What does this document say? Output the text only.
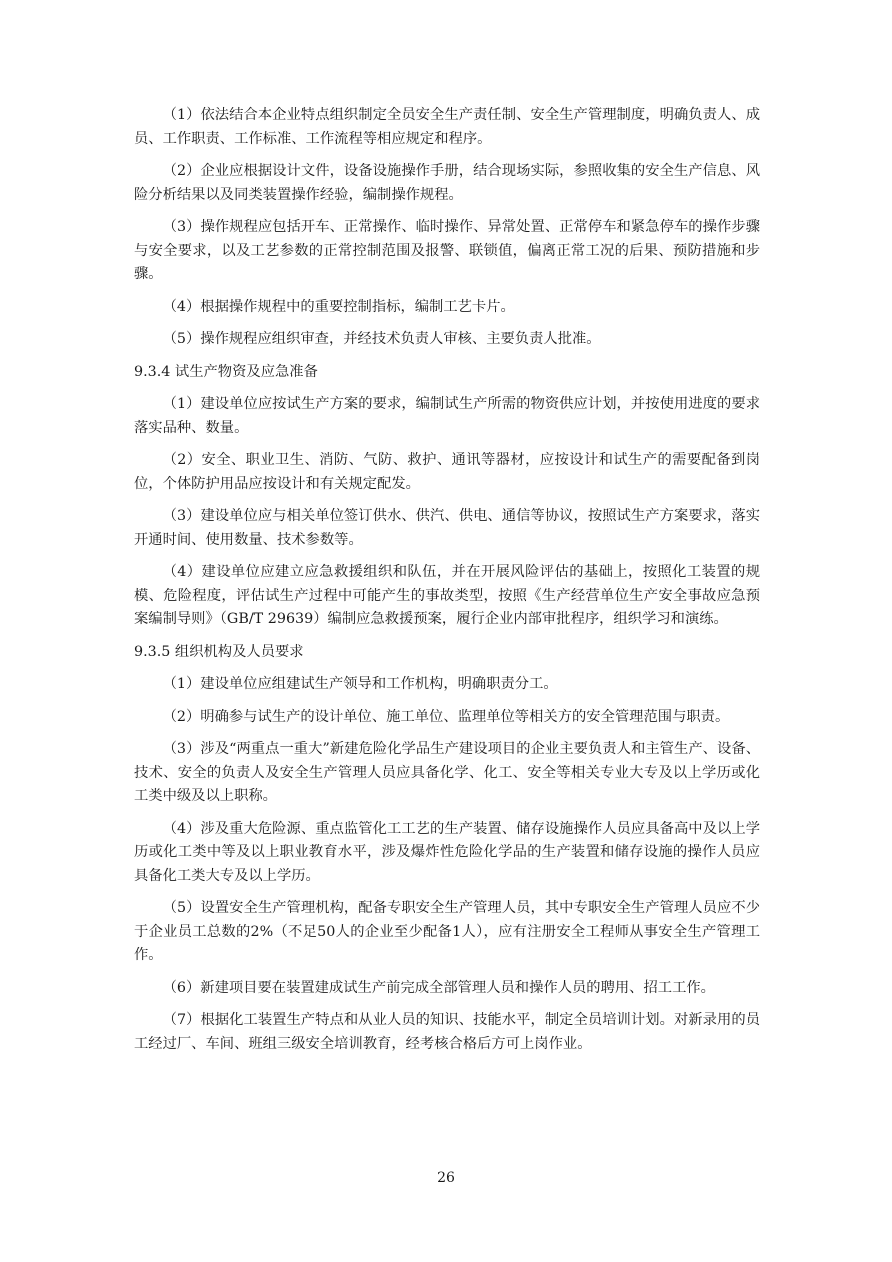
（1）依法结合本企业特点组织制定全员安全生产责任制、安全生产管理制度，明确负责人、成员、工作职责、工作标准、工作流程等相应规定和程序。

（2）企业应根据设计文件，设备设施操作手册，结合现场实际，参照收集的安全生产信息、风险分析结果以及同类装置操作经验，编制操作规程。

（3）操作规程应包括开车、正常操作、临时操作、异常处置、正常停车和紧急停车的操作步骤与安全要求，以及工艺参数的正常控制范围及报警、联锁值，偏离正常工况的后果、预防措施和步骤。

（4）根据操作规程中的重要控制指标，编制工艺卡片。

（5）操作规程应组织审查，并经技术负责人审核、主要负责人批准。

9.3.4 试生产物资及应急准备

（1）建设单位应按试生产方案的要求，编制试生产所需的物资供应计划，并按使用进度的要求落实品种、数量。

（2）安全、职业卫生、消防、气防、救护、通讯等器材，应按设计和试生产的需要配备到岗位，个体防护用品应按设计和有关规定配发。

（3）建设单位应与相关单位签订供水、供汽、供电、通信等协议，按照试生产方案要求，落实开通时间、使用数量、技术参数等。

（4）建设单位应建立应急救援组织和队伍，并在开展风险评估的基础上，按照化工装置的规模、危险程度，评估试生产过程中可能产生的事故类型，按照《生产经营单位生产安全事故应急预案编制导则》（GB/T 29639）编制应急救援预案，履行企业内部审批程序，组织学习和演练。

9.3.5 组织机构及人员要求

（1）建设单位应组建试生产领导和工作机构，明确职责分工。

（2）明确参与试生产的设计单位、施工单位、监理单位等相关方的安全管理范围与职责。

（3）涉及“两重点一重大”新建危险化学品生产建设项目的企业主要负责人和主管生产、设备、技术、安全的负责人及安全生产管理人员应具备化学、化工、安全等相关专业大专及以上学历或化工类中级及以上职称。

（4）涉及重大危险源、重点监管化工工艺的生产装置、储存设施操作人员应具备高中及以上学历或化工类中等及以上职业教育水平，涉及爆炸性危险化学品的生产装置和储存设施的操作人员应具备化工类大专及以上学历。

（5）设置安全生产管理机构，配备专职安全生产管理人员，其中专职安全生产管理人员应不少于企业员工总数的2%（不足50人的企业至少配备1人），应有注册安全工程师从事安全生产管理工作。

（6）新建项目要在装置建成试生产前完成全部管理人员和操作人员的聘用、招工工作。

（7）根据化工装置生产特点和从业人员的知识、技能水平，制定全员培训计划。对新录用的员工经过厂、车间、班组三级安全培训教育，经考核合格后方可上岗作业。

26
